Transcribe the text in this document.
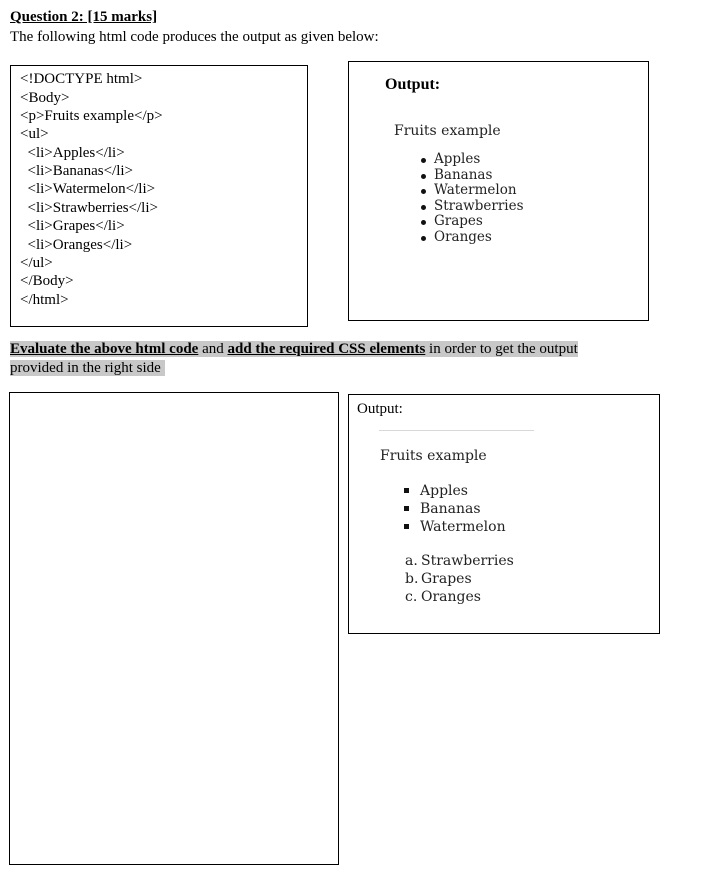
Question 2: [15 marks]
The following html code produces the output as given below:
<!DOCTYPE html>
<Body>
<p>Fruits example</p>
<ul>
<li>Apples</li>
<li>Bananas</li>
<li>Watermelon</li>
<li>Strawberries</li>
<li>Grapes</li>
<li>Oranges</li>
</ul>
</Body>
</html>
Output:
Fruits example
Apples
Bananas
Watermelon
Strawberries
Grapes
Oranges
Evaluate the above html code and add the required CSS elements in order to get the output
provided in the right side
Output:
Fruits example
Apples
Bananas
Watermelon
a. Strawberries
b. Grapes
c. Oranges
